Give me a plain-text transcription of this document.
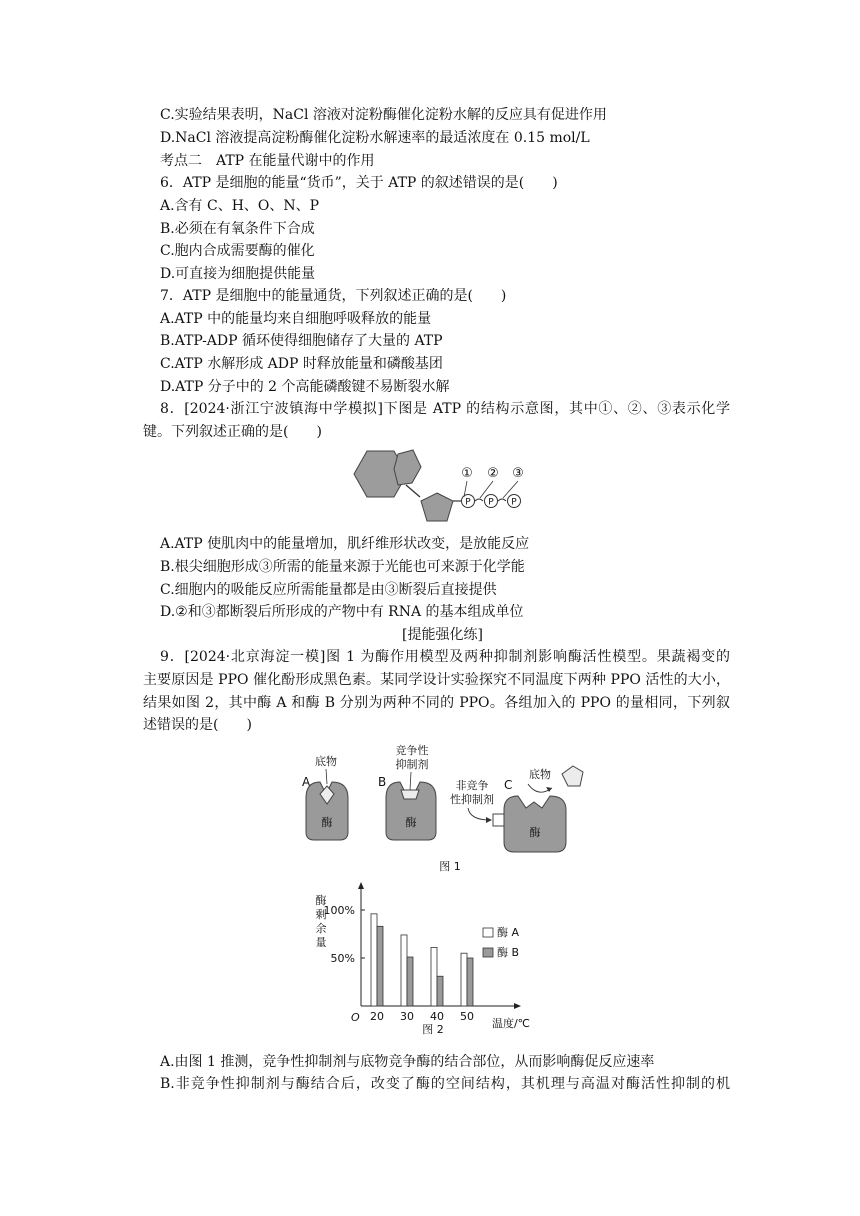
C.实验结果表明，NaCl 溶液对淀粉酶催化淀粉水解的反应具有促进作用
D.NaCl 溶液提高淀粉酶催化淀粉水解速率的最适浓度在 0.15 mol/L
考点二　ATP 在能量代谢中的作用
6．ATP 是细胞的能量“货币”，关于 ATP 的叙述错误的是(　　)
A.含有 C、H、O、N、P
B.必须在有氧条件下合成
C.胞内合成需要酶的催化
D.可直接为细胞提供能量
7．ATP 是细胞中的能量通货，下列叙述正确的是(　　)
A.ATP 中的能量均来自细胞呼吸释放的能量
B.ATP-ADP 循环使得细胞储存了大量的 ATP
C.ATP 水解形成 ADP 时释放能量和磷酸基团
D.ATP 分子中的 2 个高能磷酸键不易断裂水解
8．[2024·浙江宁波镇海中学模拟]下图是 ATP 的结构示意图，其中①、②、③表示化学
键。下列叙述正确的是(　　)
P P P
① ② ③
A.ATP 使肌肉中的能量增加，肌纤维形状改变，是放能反应
B.根尖细胞形成③所需的能量来源于光能也可来源于化学能
C.细胞内的吸能反应所需能量都是由③断裂后直接提供
D.②和③都断裂后所形成的产物中有 RNA 的基本组成单位
[提能强化练]
9．[2024·北京海淀一模]图 1 为酶作用模型及两种抑制剂影响酶活性模型。果蔬褐变的
主要原因是 PPO 催化酚形成黑色素。某同学设计实验探究不同温度下两种 PPO 活性的大小，
结果如图 2，其中酶 A 和酶 B 分别为两种不同的 PPO。各组加入的 PPO 的量相同，下列叙
述错误的是(　　)
A
底物
酶
B
竞争性
抑制剂
酶
非竞争
性抑制剂
C
底物
酶
图 1
酶
剩
余
量
O
100%
50%
20 30 40 50
酶 A
酶 B
温度/℃
图 2
A.由图 1 推测，竞争性抑制剂与底物竞争酶的结合部位，从而影响酶促反应速率
B.非竞争性抑制剂与酶结合后，改变了酶的空间结构，其机理与高温对酶活性抑制的机
